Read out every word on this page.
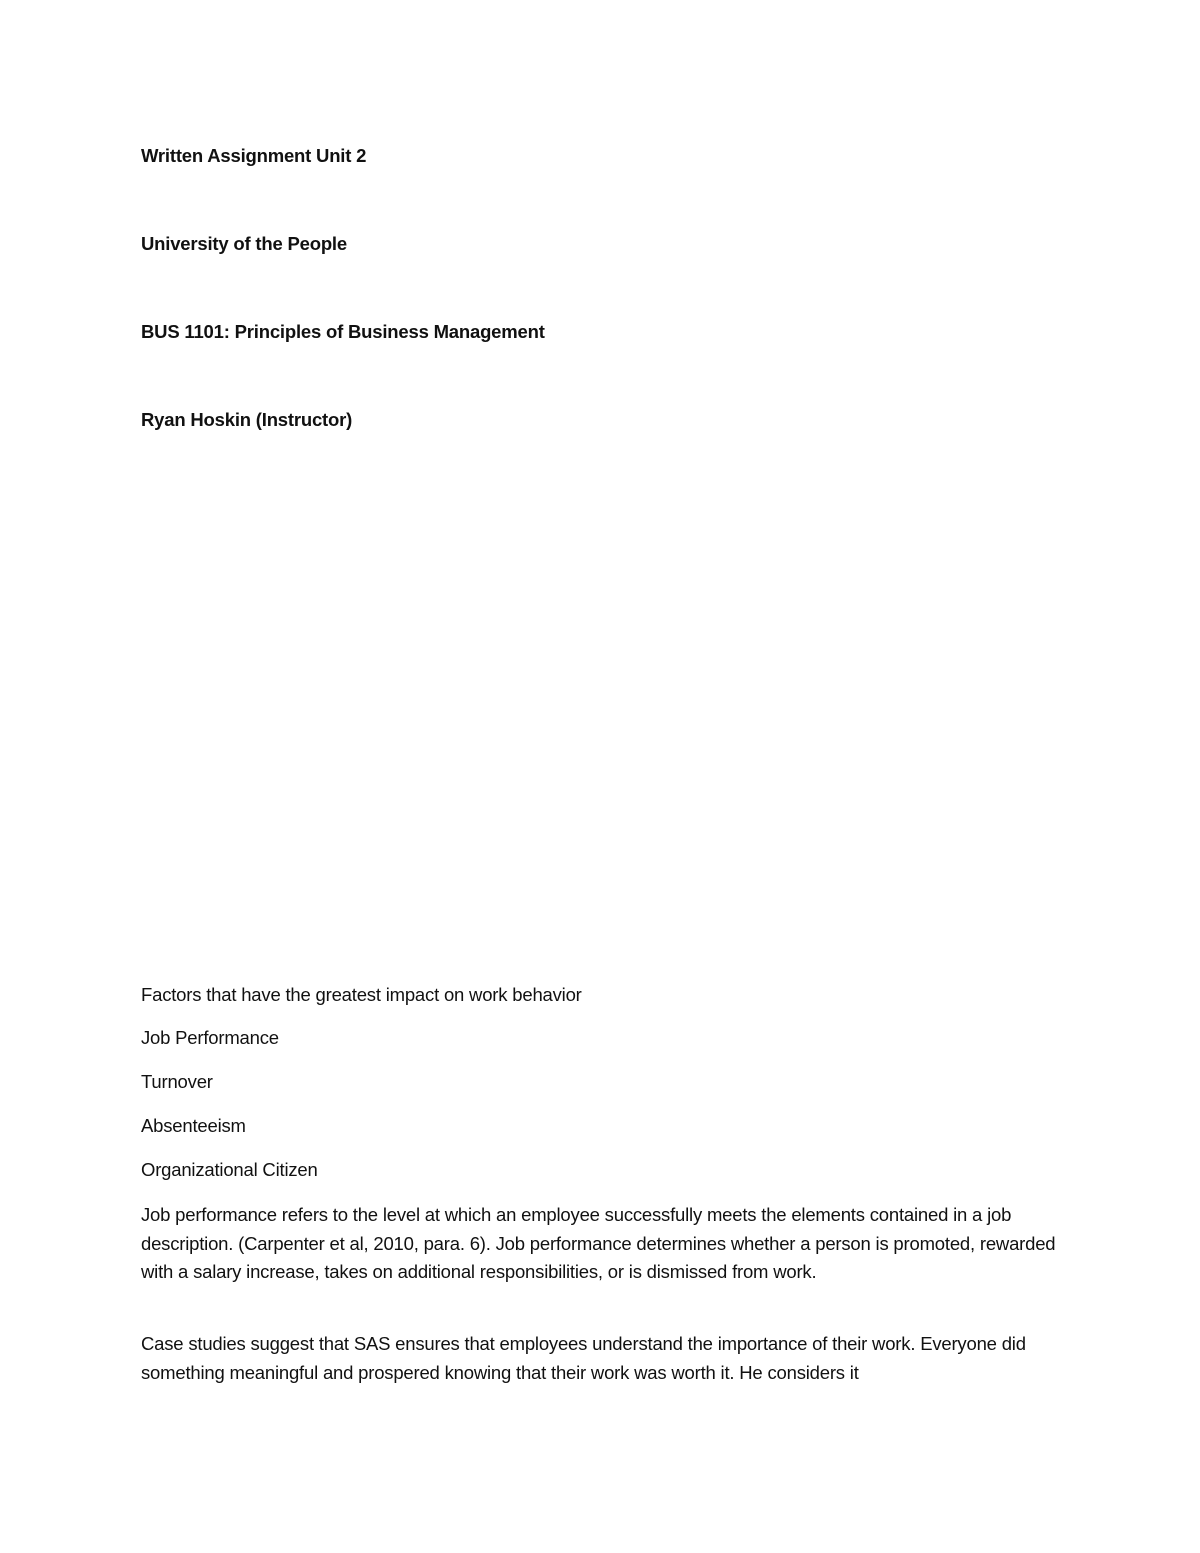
Written Assignment Unit 2

University of the People

BUS 1101: Principles of Business Management

Ryan Hoskin (Instructor)

Factors that have the greatest impact on work behavior

Job Performance

Turnover

Absenteeism

Organizational Citizen

Job performance refers to the level at which an employee successfully meets the elements contained in a job description. (Carpenter et al, 2010, para. 6). Job performance determines whether a person is promoted, rewarded with a salary increase, takes on additional responsibilities, or is dismissed from work.

Case studies suggest that SAS ensures that employees understand the importance of their work. Everyone did something meaningful and prospered knowing that their work was worth it. He considers it
